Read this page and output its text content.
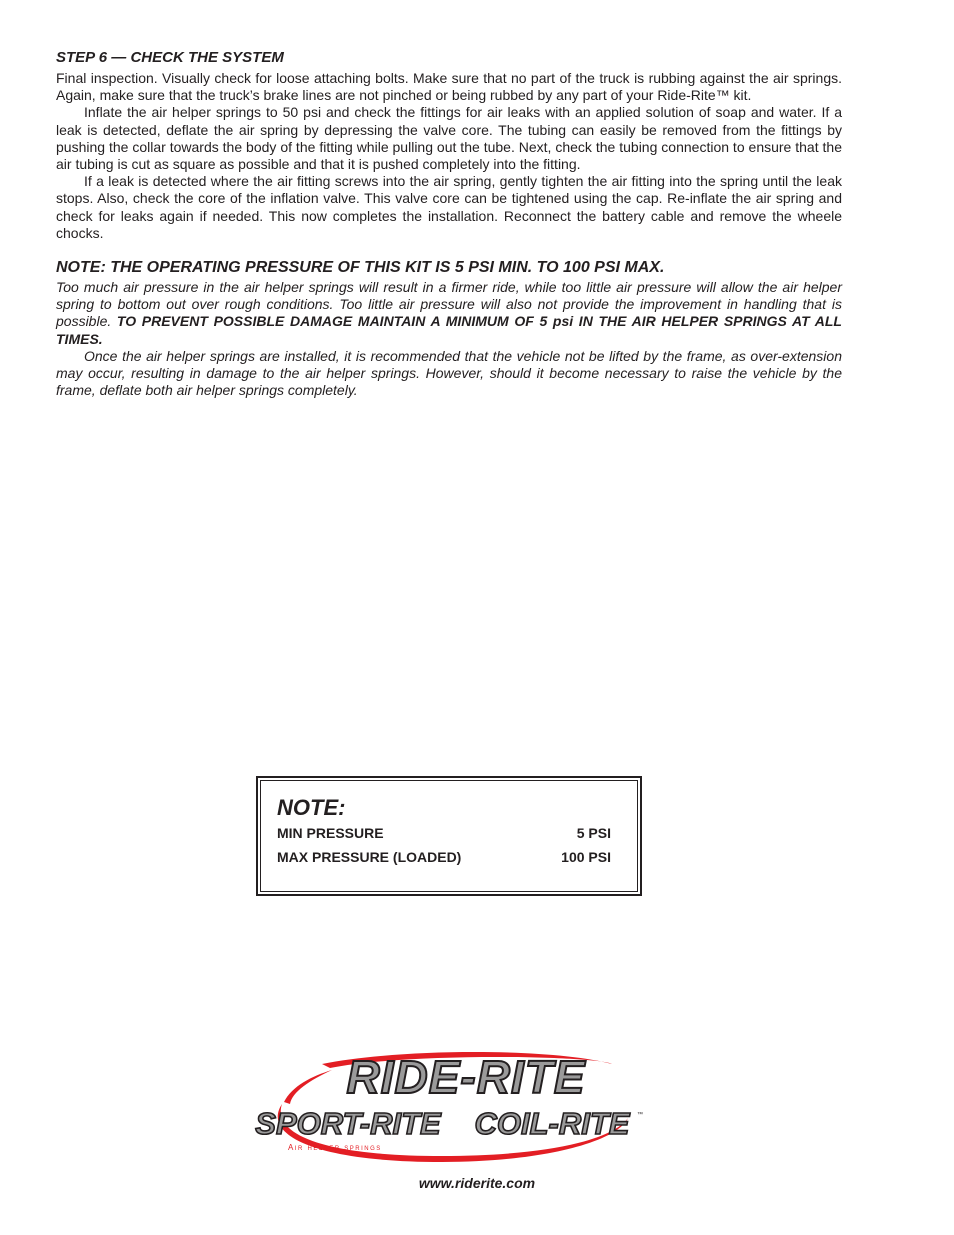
STEP 6 — CHECK THE SYSTEM

Final inspection. Visually check for loose attaching bolts. Make sure that no part of the truck is rubbing against the air springs. Again, make sure that the truck’s brake lines are not pinched or being rubbed by any part of your Ride-Rite™ kit.

Inflate the air helper springs to 50 psi and check the fittings for air leaks with an applied solution of soap and water. If a leak is detected, deflate the air spring by depressing the valve core. The tubing can easily be removed from the fittings by pushing the collar towards the body of the fitting while pulling out the tube. Next, check the tubing connection to ensure that the air tubing is cut as square as possible and that it is pushed completely into the fitting.

If a leak is detected where the air fitting screws into the air spring, gently tighten the air fitting into the spring until the leak stops. Also, check the core of the inflation valve. This valve core can be tightened using the cap. Re-inflate the air spring and check for leaks again if needed. This now completes the installation. Reconnect the battery cable and remove the wheele chocks.

NOTE: THE OPERATING PRESSURE OF THIS KIT IS 5 PSI MIN. TO 100 PSI MAX.

Too much air pressure in the air helper springs will result in a firmer ride, while too little air pressure will allow the air helper spring to bottom out over rough conditions. Too little air pressure will also not provide the improvement in handling that is possible. TO PREVENT POSSIBLE DAMAGE MAINTAIN A MINIMUM OF 5 psi IN THE AIR HELPER SPRINGS AT ALL TIMES.

Once the air helper springs are installed, it is recommended that the vehicle not be lifted by the frame, as over-extension may occur, resulting in damage to the air helper springs. However, should it become necessary to raise the vehicle by the frame, deflate both air helper springs completely.

NOTE:
MIN PRESSURE	5 PSI
MAX PRESSURE (LOADED)	100 PSI
RIDE-RITE
SPORT-RITE COIL-RITE ™
Air helper springs
www.riderite.com
